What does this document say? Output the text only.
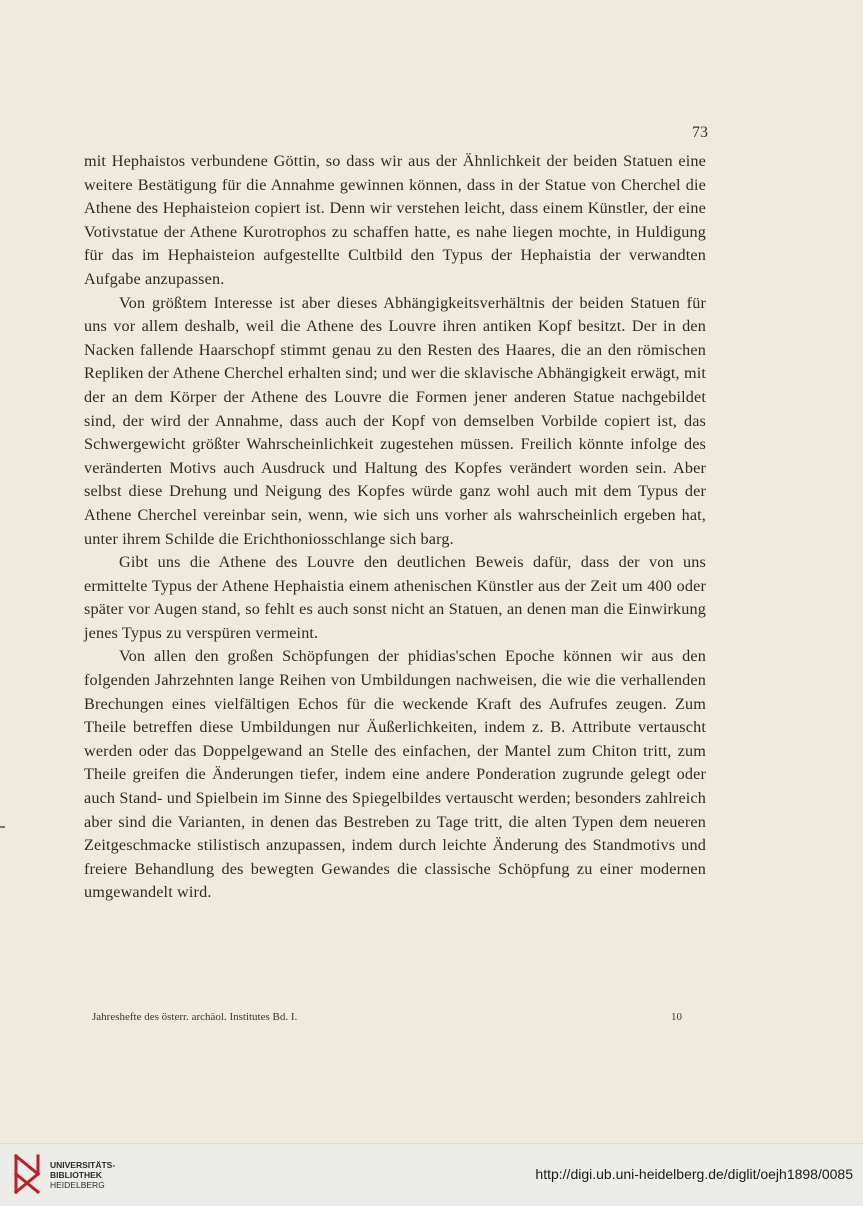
73

mit Hephaistos verbundene Göttin, so dass wir aus der Ähnlichkeit der beiden Statuen eine weitere Bestätigung für die Annahme gewinnen können, dass in der Statue von Cherchel die Athene des Hephaisteion copiert ist. Denn wir verstehen leicht, dass einem Künstler, der eine Votivstatue der Athene Kurotrophos zu schaffen hatte, es nahe liegen mochte, in Huldigung für das im Hephaisteion aufgestellte Cultbild den Typus der Hephaistia der verwandten Aufgabe anzupassen.

Von größtem Interesse ist aber dieses Abhängigkeitsverhältnis der beiden Statuen für uns vor allem deshalb, weil die Athene des Louvre ihren antiken Kopf besitzt. Der in den Nacken fallende Haarschopf stimmt genau zu den Resten des Haares, die an den römischen Repliken der Athene Cherchel erhalten sind; und wer die sklavische Abhängigkeit erwägt, mit der an dem Körper der Athene des Louvre die Formen jener anderen Statue nachgebildet sind, der wird der Annahme, dass auch der Kopf von demselben Vorbilde copiert ist, das Schwergewicht größter Wahrscheinlichkeit zugestehen müssen. Freilich könnte infolge des veränderten Motivs auch Ausdruck und Haltung des Kopfes verändert worden sein. Aber selbst diese Drehung und Neigung des Kopfes würde ganz wohl auch mit dem Typus der Athene Cherchel vereinbar sein, wenn, wie sich uns vorher als wahrscheinlich ergeben hat, unter ihrem Schilde die Erichthoniosschlange sich barg.

Gibt uns die Athene des Louvre den deutlichen Beweis dafür, dass der von uns ermittelte Typus der Athene Hephaistia einem athenischen Künstler aus der Zeit um 400 oder später vor Augen stand, so fehlt es auch sonst nicht an Statuen, an denen man die Einwirkung jenes Typus zu verspüren vermeint.

Von allen den großen Schöpfungen der phidias'schen Epoche können wir aus den folgenden Jahrzehnten lange Reihen von Umbildungen nachweisen, die wie die verhallenden Brechungen eines vielfältigen Echos für die weckende Kraft des Aufrufes zeugen. Zum Theile betreffen diese Umbildungen nur Äußerlichkeiten, indem z. B. Attribute vertauscht werden oder das Doppelgewand an Stelle des einfachen, der Mantel zum Chiton tritt, zum Theile greifen die Änderungen tiefer, indem eine andere Ponderation zugrunde gelegt oder auch Stand- und Spielbein im Sinne des Spiegelbildes vertauscht werden; besonders zahlreich aber sind die Varianten, in denen das Bestreben zu Tage tritt, die alten Typen dem neueren Zeitgeschmacke stilistisch anzupassen, indem durch leichte Änderung des Standmotivs und freiere Behandlung des bewegten Gewandes die classische Schöpfung zu einer modernen umgewandelt wird.

Jahreshefte des österr. archäol. Institutes Bd. I.	10
UNIVERSITÄTS-
BIBLIOTHEK
HEIDELBERG
http://digi.ub.uni-heidelberg.de/diglit/oejh1898/0085
